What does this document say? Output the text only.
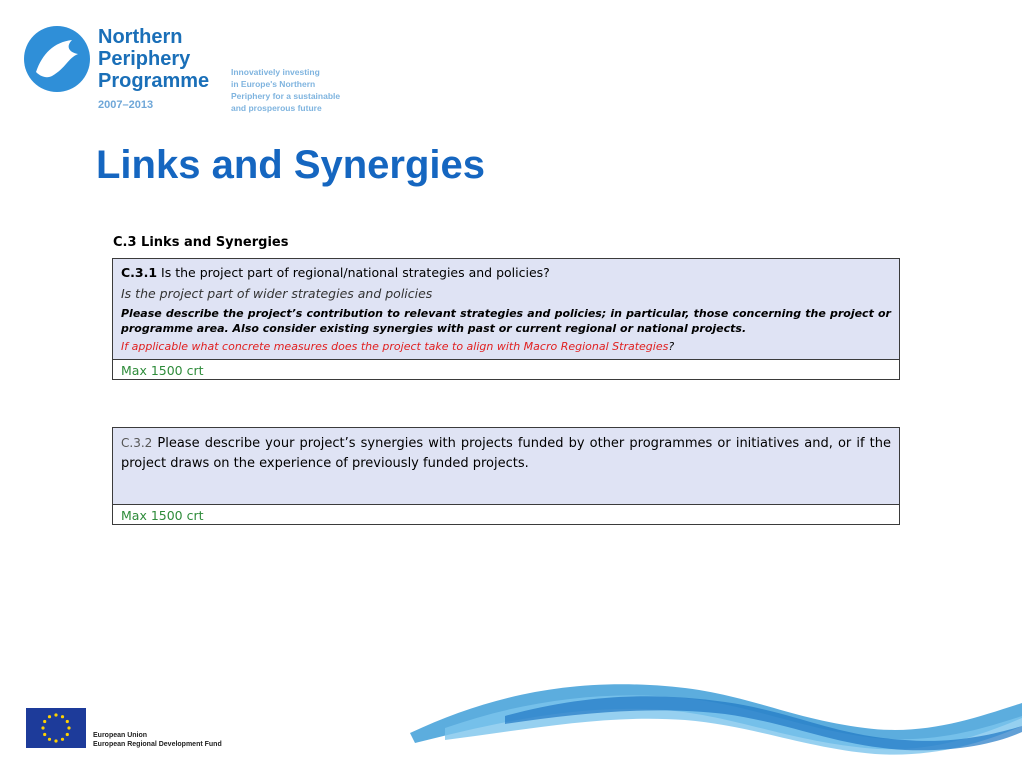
Northern
Periphery
Programme
2007–2013
Innovatively investing
in Europe's Northern
Periphery for a sustainable
and prosperous future
Links and Synergies
C.3 Links and Synergies
C.3.1 Is the project part of regional/national strategies and policies?
Is the project part of wider strategies and policies
Please describe the project’s contribution to relevant strategies and policies; in particular, those concerning the project or programme area. Also consider existing synergies with past or current regional or national projects.
If applicable what concrete measures does the project take to align with Macro Regional Strategies?
Max 1500 crt
C.3.2 Please describe your project’s synergies with projects funded by other programmes or initiatives and, or if the project draws on the experience of previously funded projects.
Max 1500 crt
European Union
European Regional Development Fund
